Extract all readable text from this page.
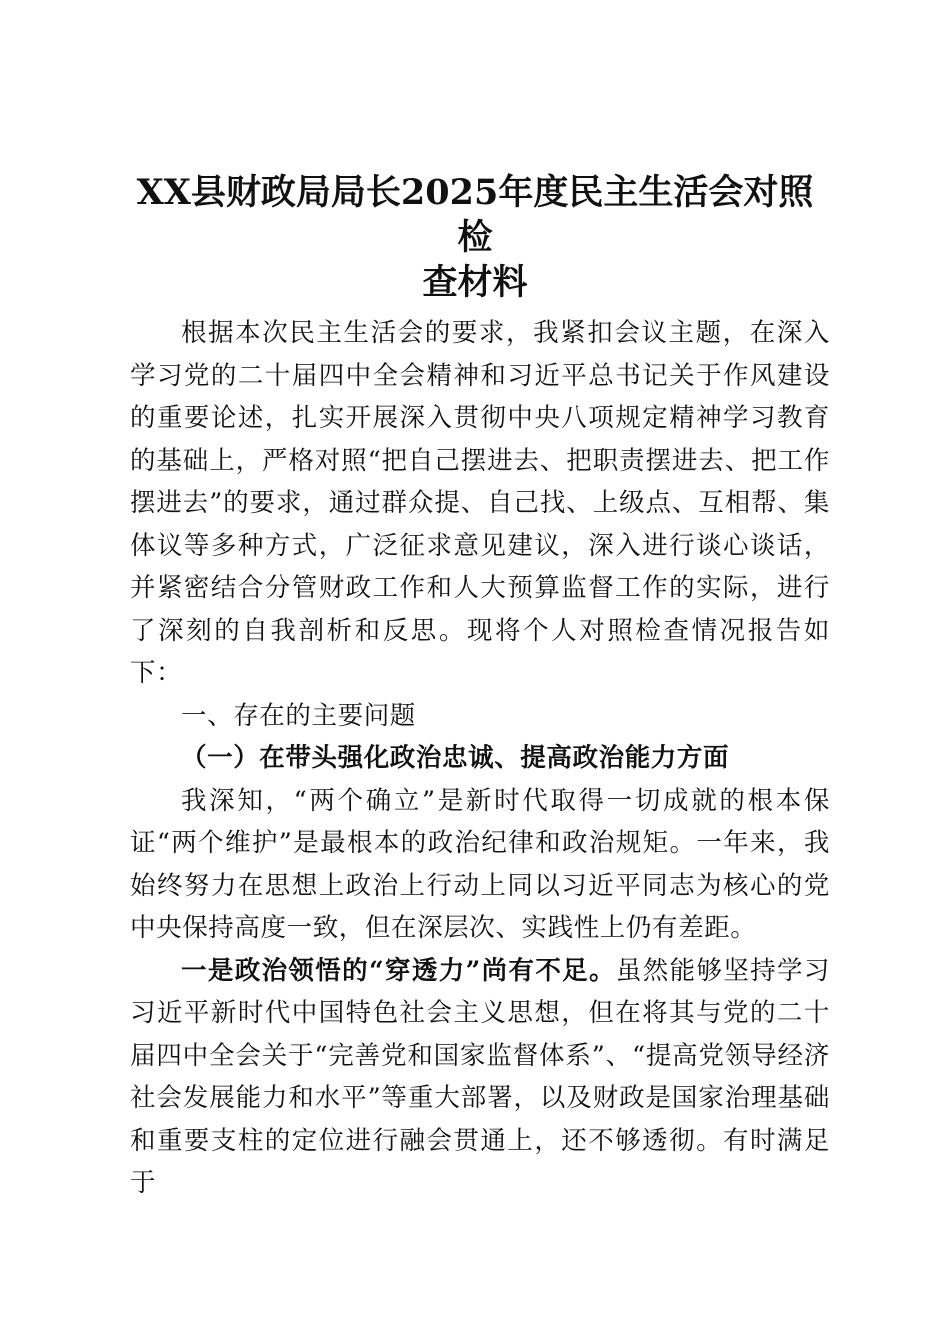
XX县财政局局长2025年度民主生活会对照检
查材料

根据本次民主生活会的要求，我紧扣会议主题，在深入学习党的二十届四中全会精神和习近平总书记关于作风建设的重要论述，扎实开展深入贯彻中央八项规定精神学习教育的基础上，严格对照“把自己摆进去、把职责摆进去、把工作摆进去”的要求，通过群众提、自己找、上级点、互相帮、集体议等多种方式，广泛征求意见建议，深入进行谈心谈话，并紧密结合分管财政工作和人大预算监督工作的实际，进行了深刻的自我剖析和反思。现将个人对照检查情况报告如下：

一、存在的主要问题

（一）在带头强化政治忠诚、提高政治能力方面

我深知，“两个确立”是新时代取得一切成就的根本保证“两个维护”是最根本的政治纪律和政治规矩。一年来，我始终努力在思想上政治上行动上同以习近平同志为核心的党中央保持高度一致，但在深层次、实践性上仍有差距。

一是政治领悟的“穿透力”尚有不足。虽然能够坚持学习习近平新时代中国特色社会主义思想，但在将其与党的二十届四中全会关于“完善党和国家监督体系”、“提高党领导经济社会发展能力和水平”等重大部署，以及财政是国家治理基础和重要支柱的定位进行融会贯通上，还不够透彻。有时满足于
